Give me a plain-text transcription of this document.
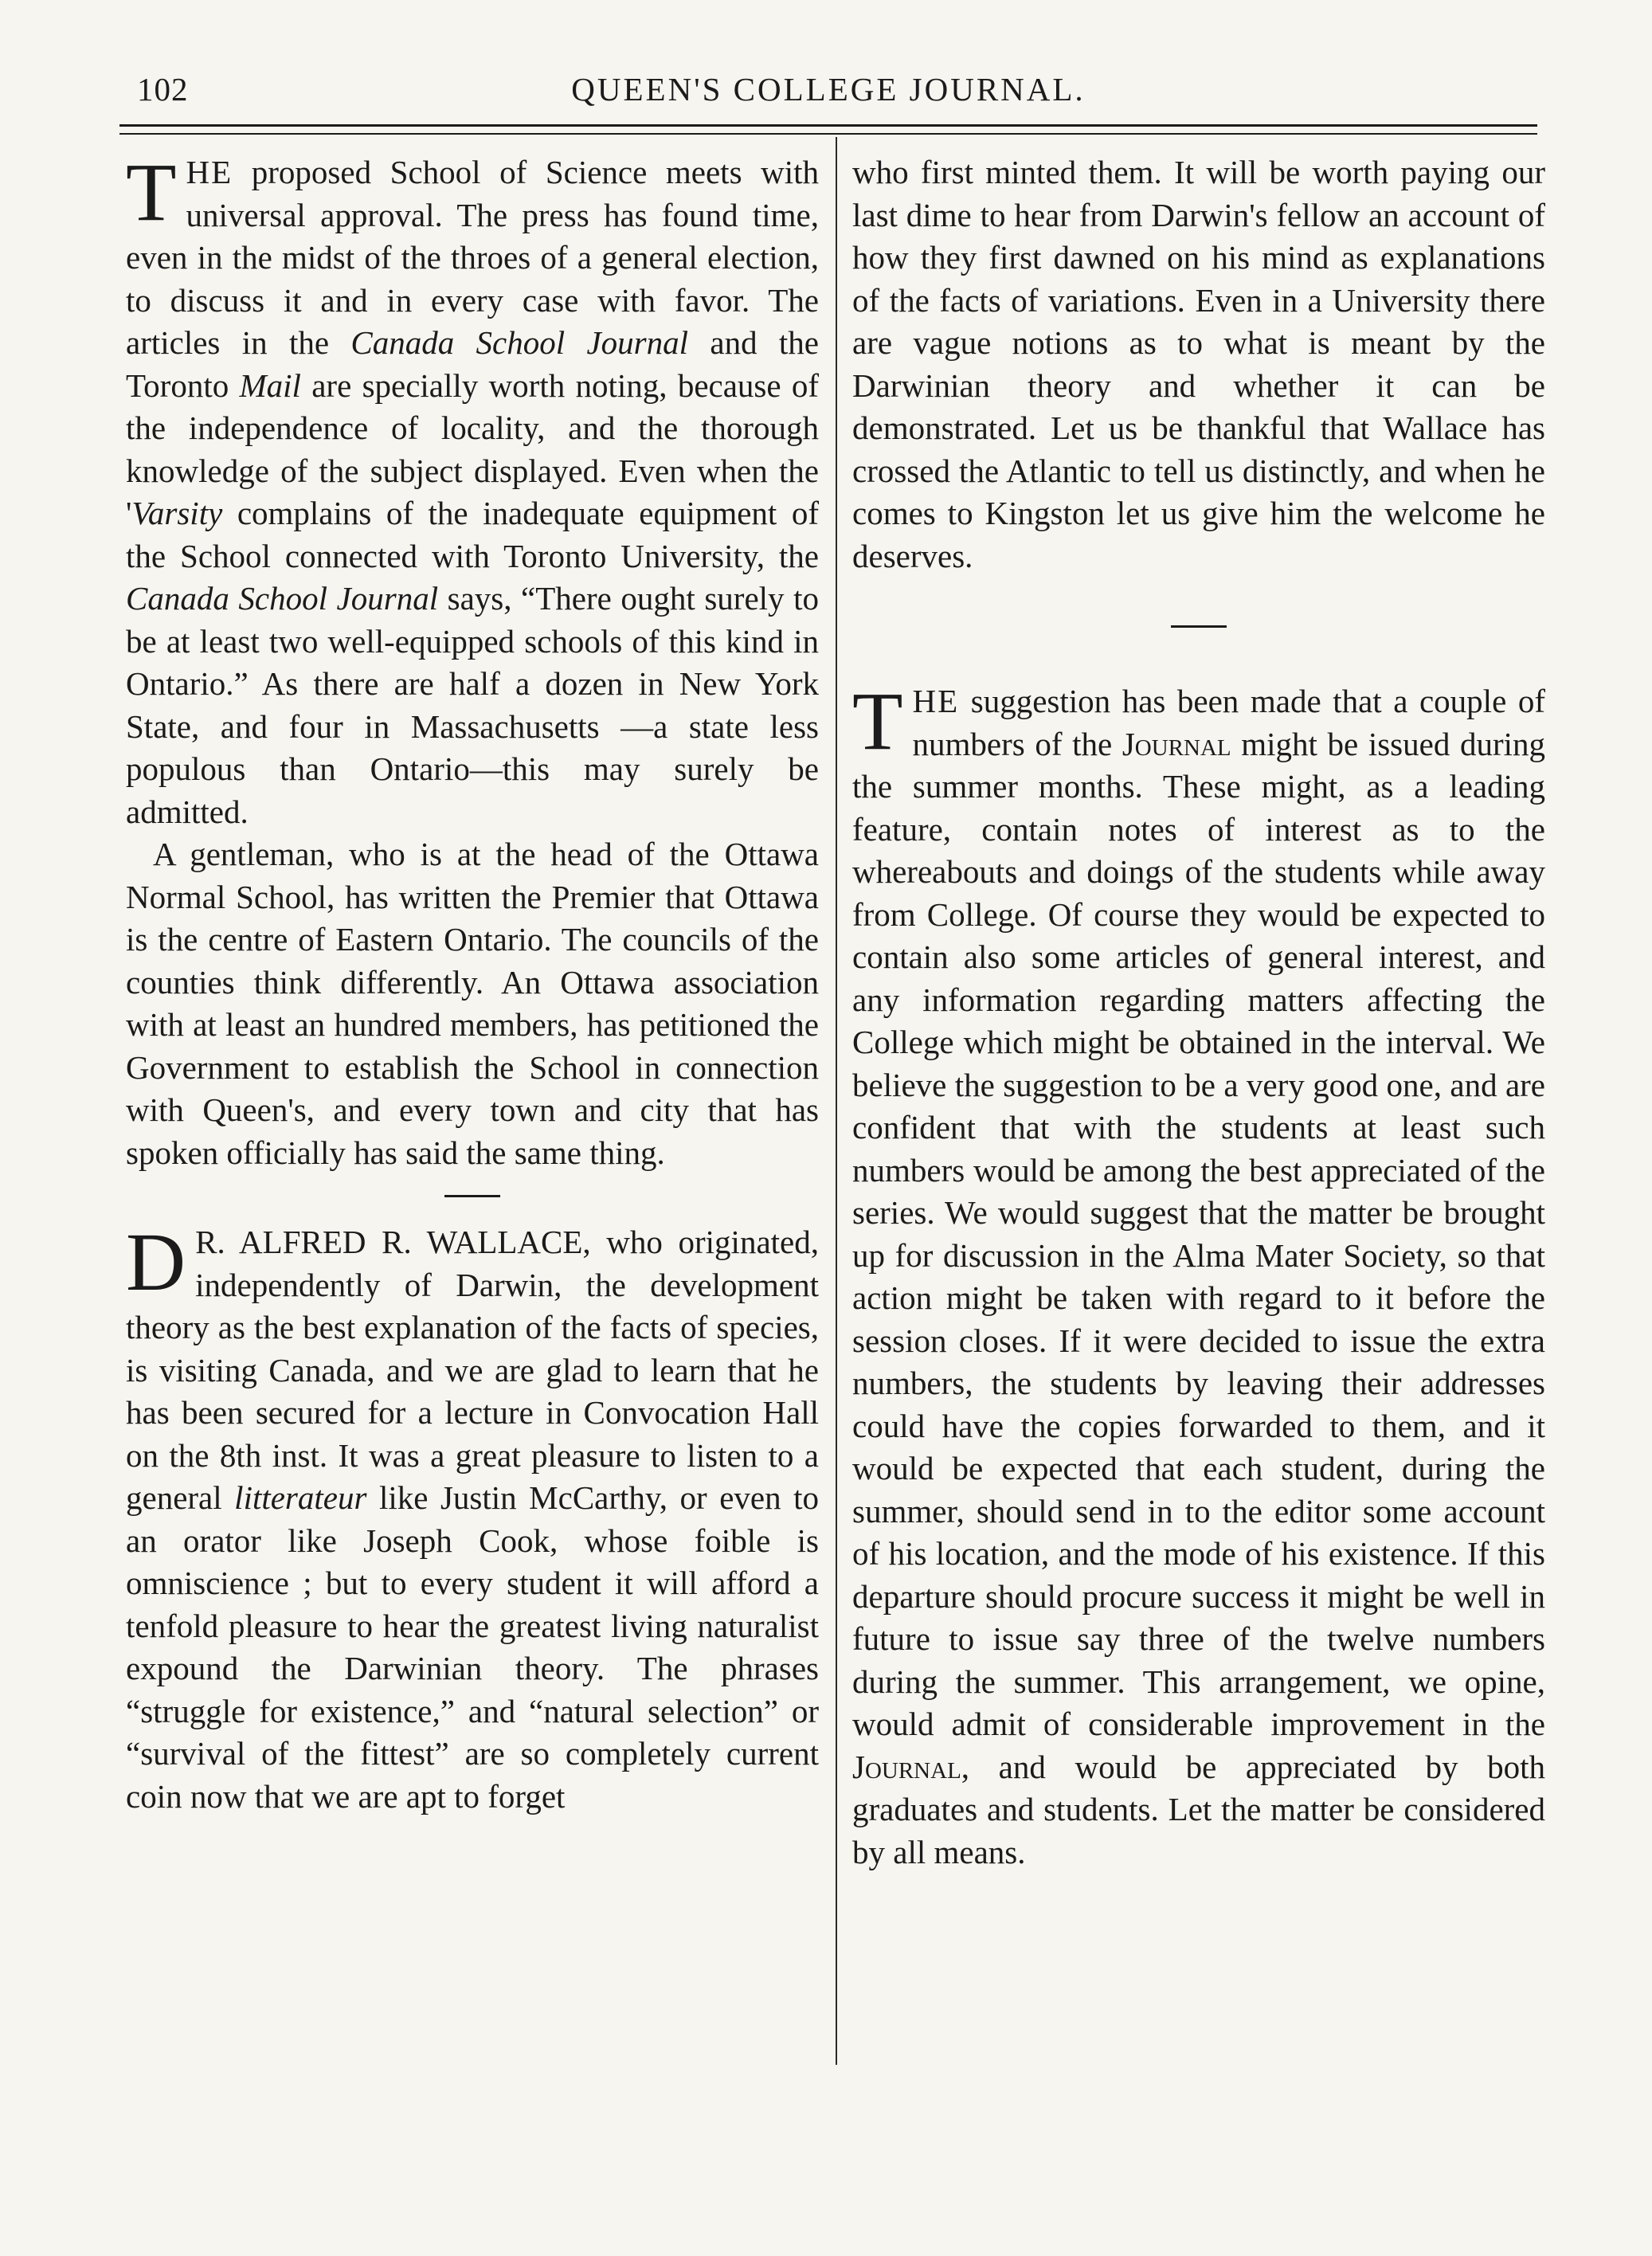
102	QUEEN'S COLLEGE JOURNAL.

THE proposed School of Science meets with universal approval. The press has found time, even in the midst of the throes of a general election, to discuss it and in every case with favor. The articles in the Canada School Journal and the Toronto Mail are specially worth noting, because of the independence of locality, and the thorough knowledge of the subject displayed. Even when the 'Varsity complains of the inadequate equipment of the School connected with Toronto University, the Canada School Journal says, “There ought surely to be at least two well-equipped schools of this kind in Ontario.” As there are half a dozen in New York State, and four in Massachusetts —a state less populous than Ontario—this may surely be admitted.

A gentleman, who is at the head of the Ottawa Normal School, has written the Premier that Ottawa is the centre of Eastern Ontario. The councils of the counties think differently. An Ottawa association with at least an hundred members, has petitioned the Government to establish the School in connection with Queen's, and every town and city that has spoken officially has said the same thing.

D R. ALFRED R. WALLACE, who originated, independently of Darwin, the development theory as the best explanation of the facts of species, is visiting Canada, and we are glad to learn that he has been secured for a lecture in Convocation Hall on the 8th inst. It was a great pleasure to listen to a general litterateur like Justin McCarthy, or even to an orator like Joseph Cook, whose foible is omniscience ; but to every student it will afford a tenfold pleasure to hear the greatest living naturalist expound the Darwinian theory. The phrases “struggle for existence,” and “natural selection” or “survival of the fittest” are so completely current coin now that we are apt to forget

who first minted them. It will be worth paying our last dime to hear from Darwin's fellow an account of how they first dawned on his mind as explanations of the facts of variations. Even in a University there are vague notions as to what is meant by the Darwinian theory and whether it can be demonstrated. Let us be thankful that Wallace has crossed the Atlantic to tell us distinctly, and when he comes to Kingston let us give him the welcome he deserves.

THE suggestion has been made that a couple of numbers of the Journal might be issued during the summer months. These might, as a leading feature, contain notes of interest as to the whereabouts and doings of the students while away from College. Of course they would be expected to contain also some articles of general interest, and any information regarding matters affecting the College which might be obtained in the interval. We believe the suggestion to be a very good one, and are confident that with the students at least such numbers would be among the best appreciated of the series. We would suggest that the matter be brought up for discussion in the Alma Mater Society, so that action might be taken with regard to it before the session closes. If it were decided to issue the extra numbers, the students by leaving their addresses could have the copies forwarded to them, and it would be expected that each student, during the summer, should send in to the editor some account of his location, and the mode of his existence. If this departure should procure success it might be well in future to issue say three of the twelve numbers during the summer. This arrangement, we opine, would admit of considerable improvement in the Journal, and would be appreciated by both graduates and students. Let the matter be considered by all means.
